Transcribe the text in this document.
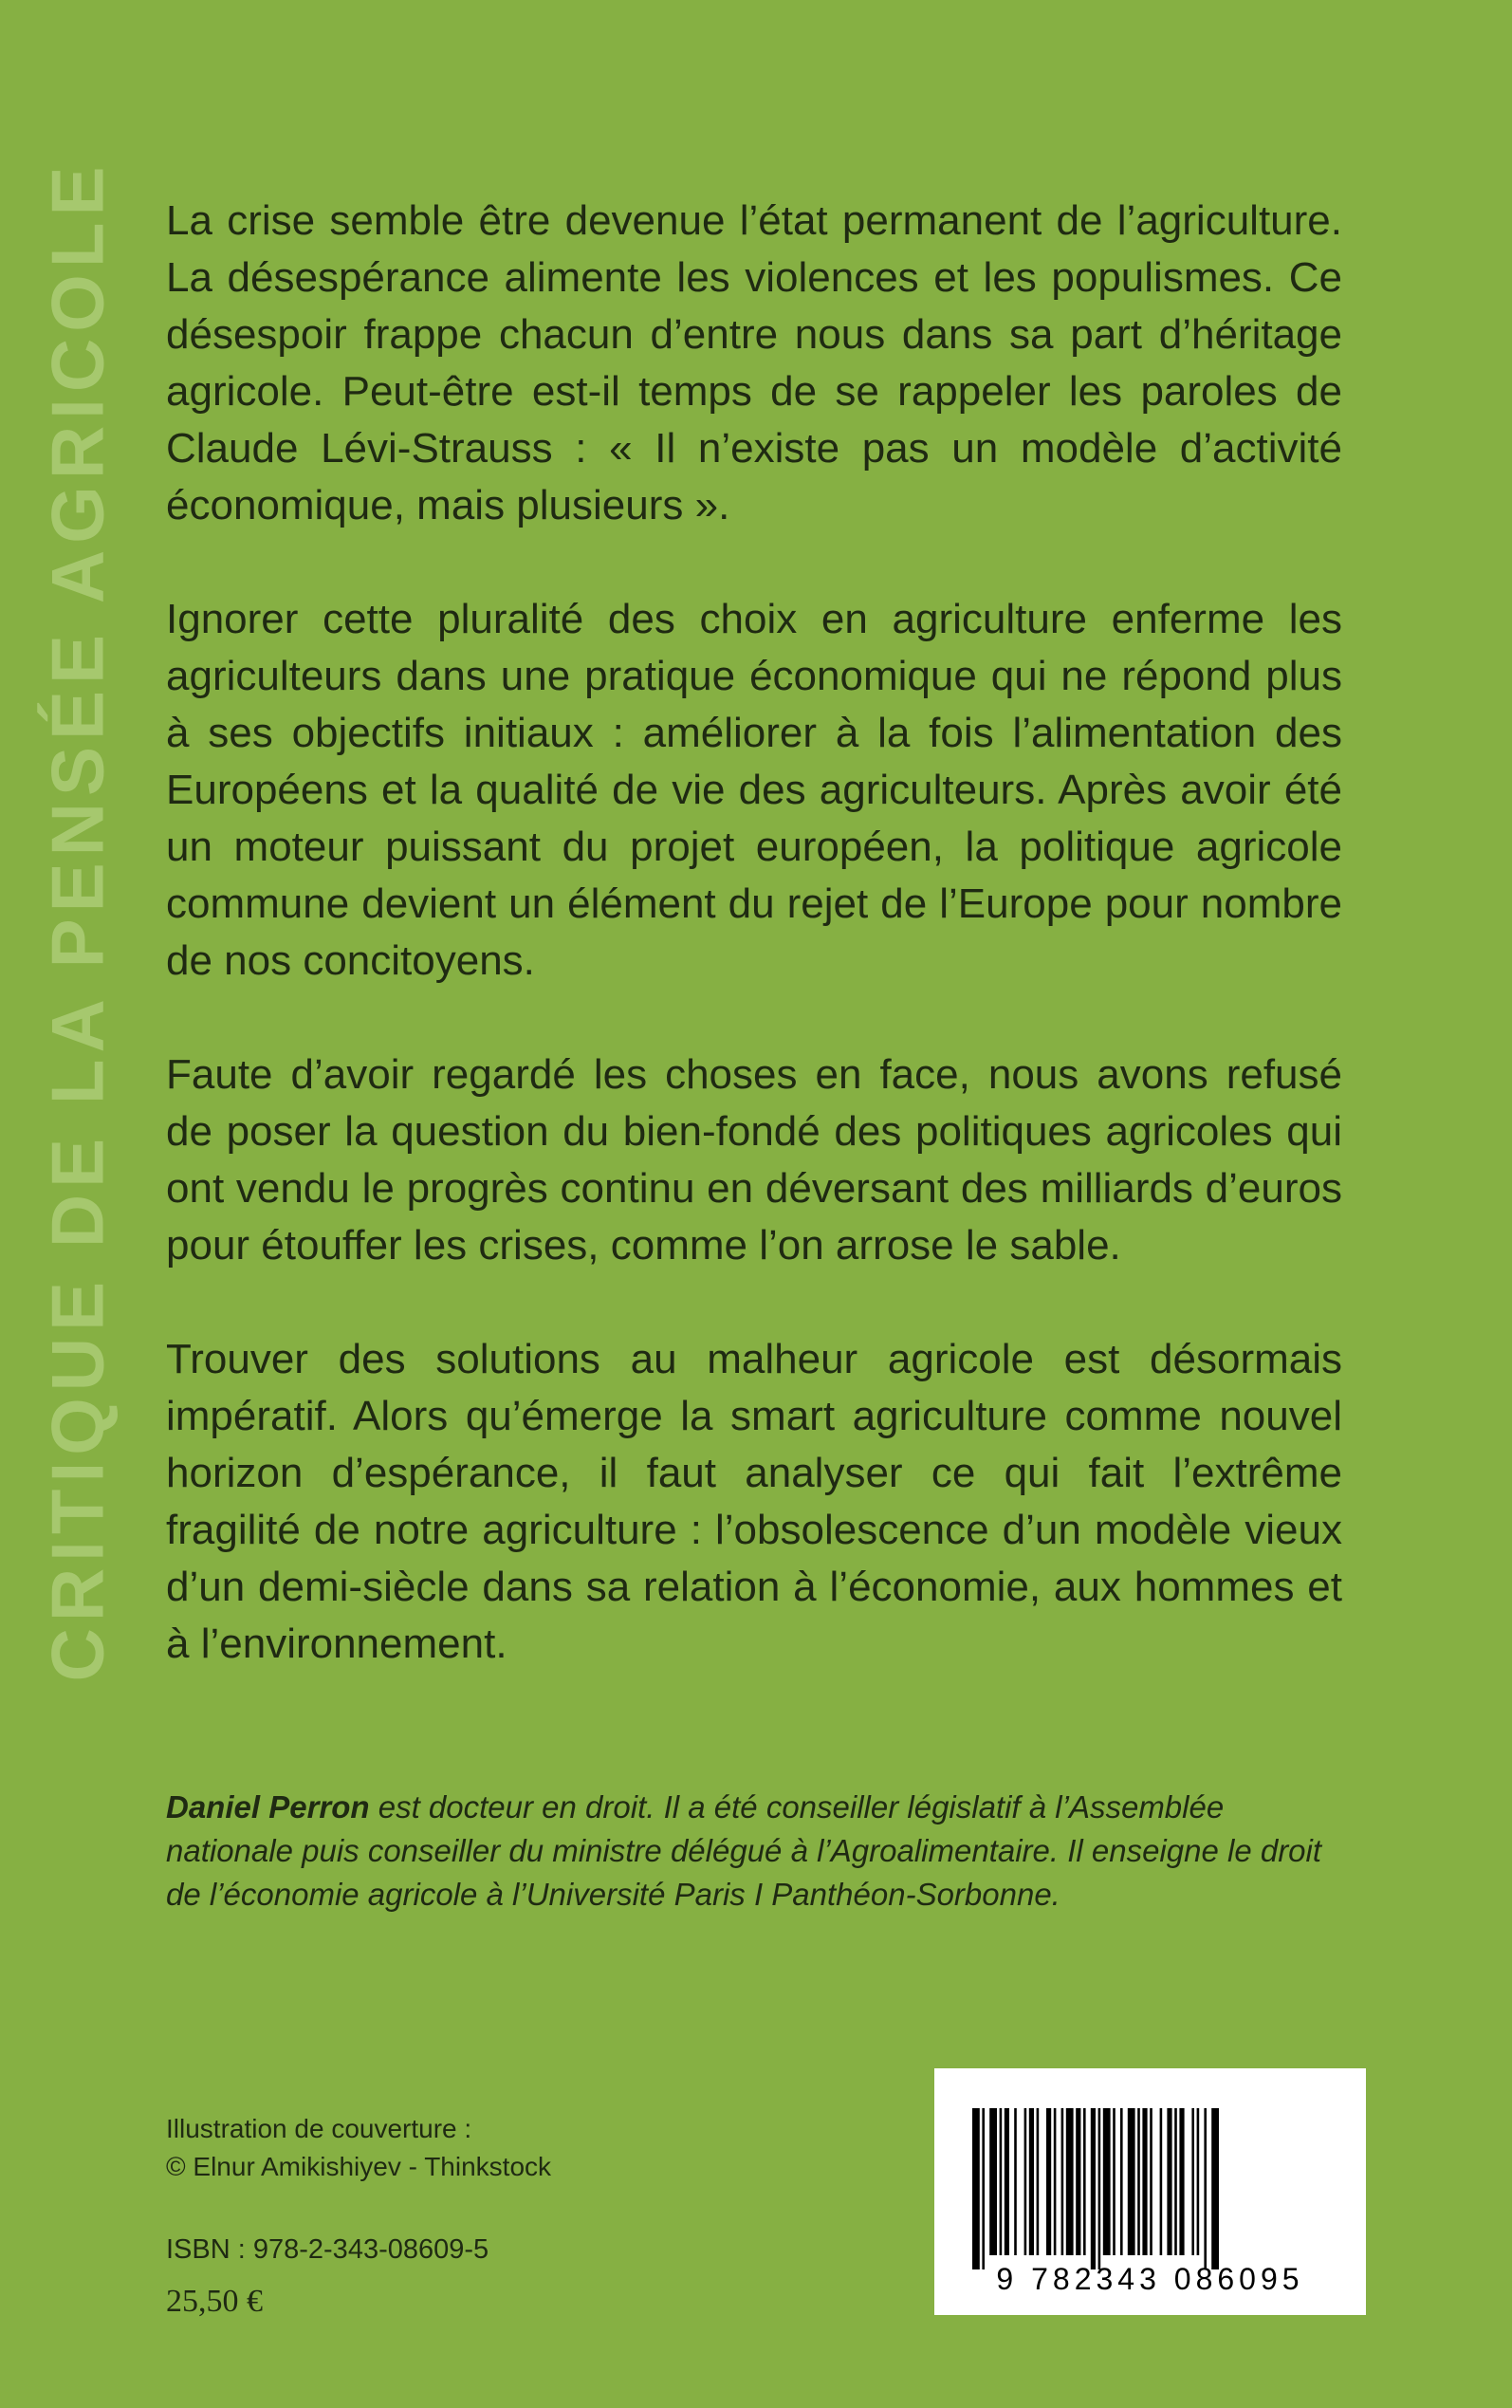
CRITIQUE DE LA PENSÉE AGRICOLE La crise semble être devenue l’état permanent de l’agriculture. La désespérance alimente les violences et les populismes. Ce désespoir frappe chacun d’entre nous dans sa part d’héritage agricole. Peut-être est-il temps de se rappeler les paroles de Claude Lévi-Strauss : « Il n’existe pas un modèle d’activité économique, mais plusieurs ».

Ignorer cette pluralité des choix en agriculture enferme les agriculteurs dans une pratique économique qui ne répond plus à ses objectifs initiaux : améliorer à la fois l’alimentation des Européens et la qualité de vie des agriculteurs. Après avoir été un moteur puissant du projet européen, la politique agricole commune devient un élément du rejet de l’Europe pour nombre de nos concitoyens.

Faute d’avoir regardé les choses en face, nous avons refusé de poser la question du bien-fondé des politiques agricoles qui ont vendu le progrès continu en déversant des milliards d’euros pour étouffer les crises, comme l’on arrose le sable.

Trouver des solutions au malheur agricole est désormais impératif. Alors qu’émerge la smart agriculture comme nouvel horizon d’espérance, il faut analyser ce qui fait l’extrême fragilité de notre agriculture : l’obsolescence d’un modèle vieux d’un demi-siècle dans sa relation à l’économie, aux hommes et à l’environnement.

Daniel Perron est docteur en droit. Il a été conseiller législatif à l’Assemblée nationale puis conseiller du ministre délégué à l’Agroalimentaire. Il enseigne le droit de l’économie agricole à l’Université Paris I Panthéon-Sorbonne.
Illustration de couverture :
© Elnur Amikishiyev - Thinkstock
ISBN : 978-2-343-08609-5
25,50 €
9 782343 086095
